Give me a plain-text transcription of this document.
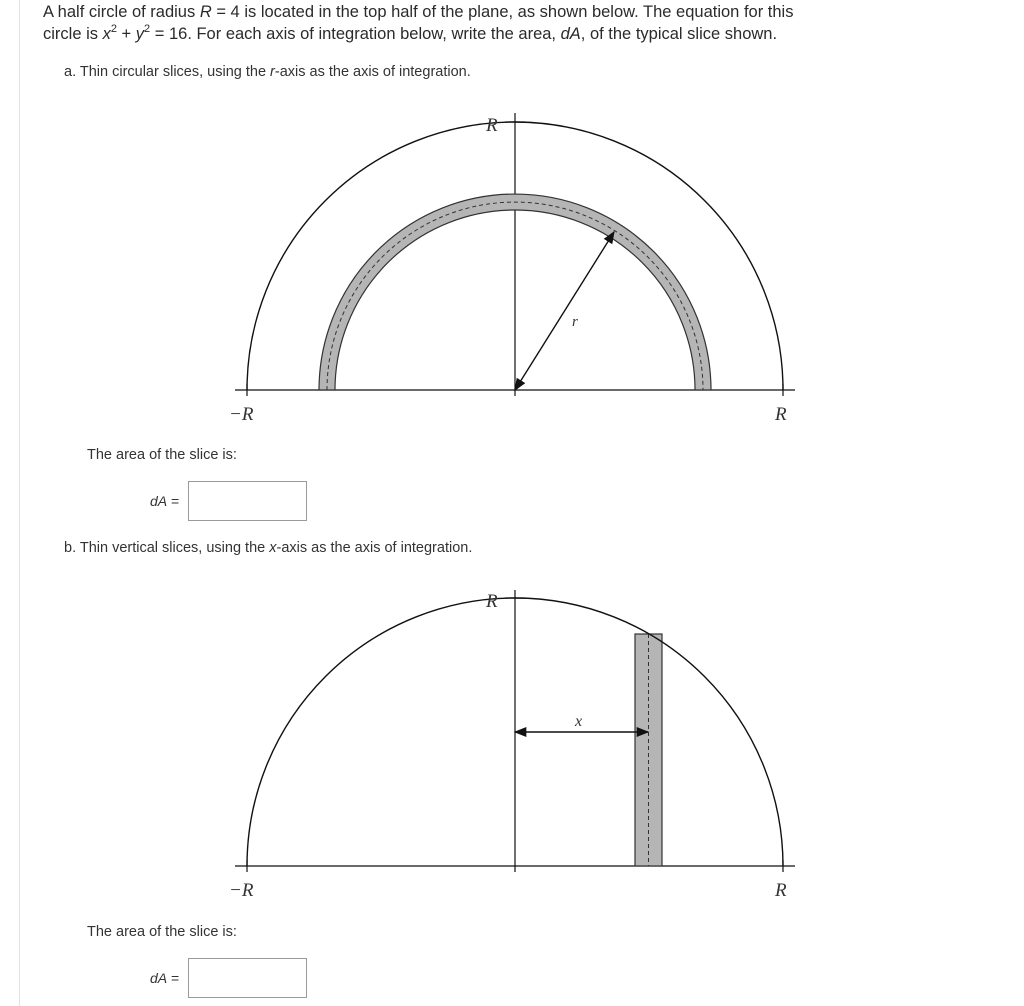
A half circle of radius R = 4 is located in the top half of the plane, as shown below. The equation for this
circle is $x^2 + y^2 = 16$. For each axis of integration below, write the area, dA, of the typical slice shown.
a. Thin circular slices, using the r-axis as the axis of integration.
R
−R	R
r
The area of the slice is:
dA =
b. Thin vertical slices, using the x-axis as the axis of integration.
R
−R	R
x
The area of the slice is:
dA =
